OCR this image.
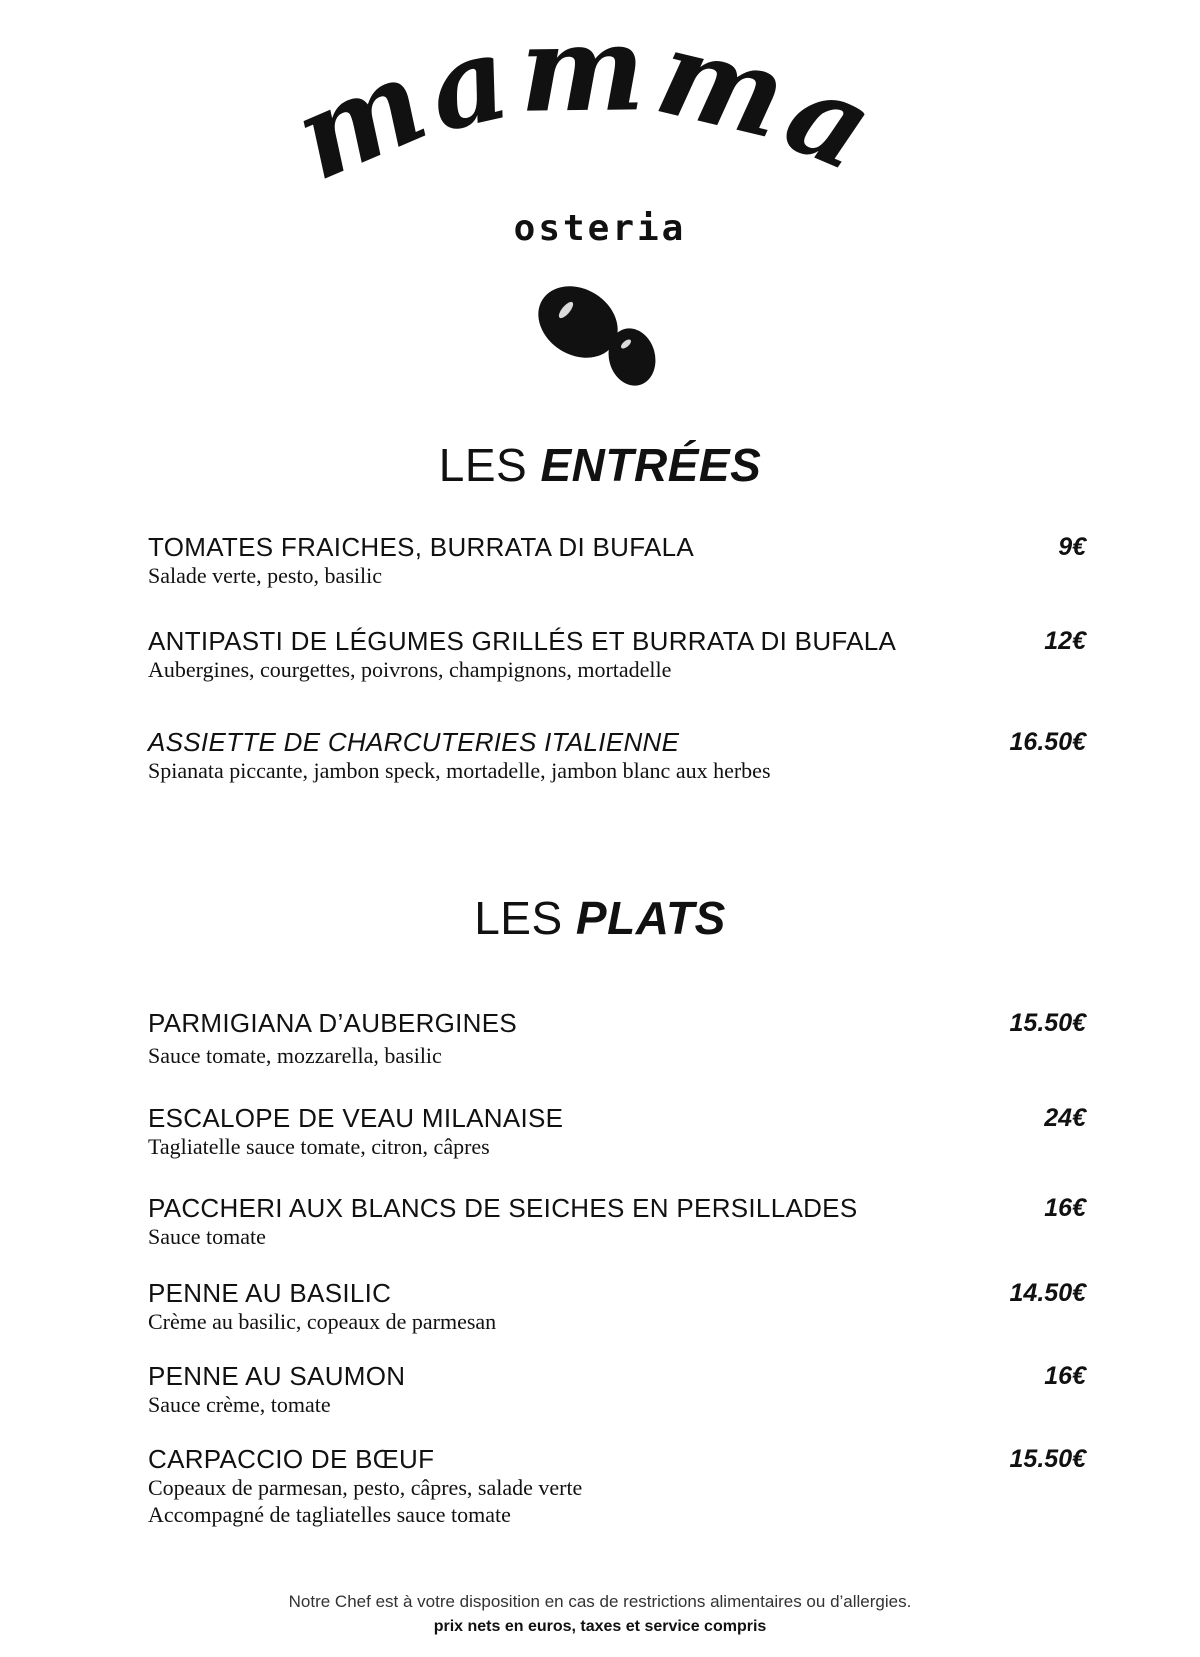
mamma
osteria
LES ENTRÉES
TOMATES FRAICHES, BURRATA DI BUFALA	9€
Salade verte, pesto, basilic
ANTIPASTI DE LÉGUMES GRILLÉS ET BURRATA DI BUFALA	12€
Aubergines, courgettes, poivrons, champignons, mortadelle
ASSIETTE DE CHARCUTERIES ITALIENNE	16.50€
Spianata piccante, jambon speck, mortadelle, jambon blanc aux herbes
LES PLATS
PARMIGIANA D’AUBERGINES	15.50€
Sauce tomate, mozzarella, basilic
ESCALOPE DE VEAU MILANAISE	24€
Tagliatelle sauce tomate, citron, câpres
PACCHERI AUX BLANCS DE SEICHES EN PERSILLADES	16€
Sauce tomate
PENNE AU BASILIC	14.50€
Crème au basilic, copeaux de parmesan
PENNE AU SAUMON	16€
Sauce crème, tomate
CARPACCIO DE BŒUF	15.50€
Copeaux de parmesan, pesto, câpres, salade verte
Accompagné de tagliatelles sauce tomate
Notre Chef est à votre disposition en cas de restrictions alimentaires ou d’allergies.
prix nets en euros, taxes et service compris
